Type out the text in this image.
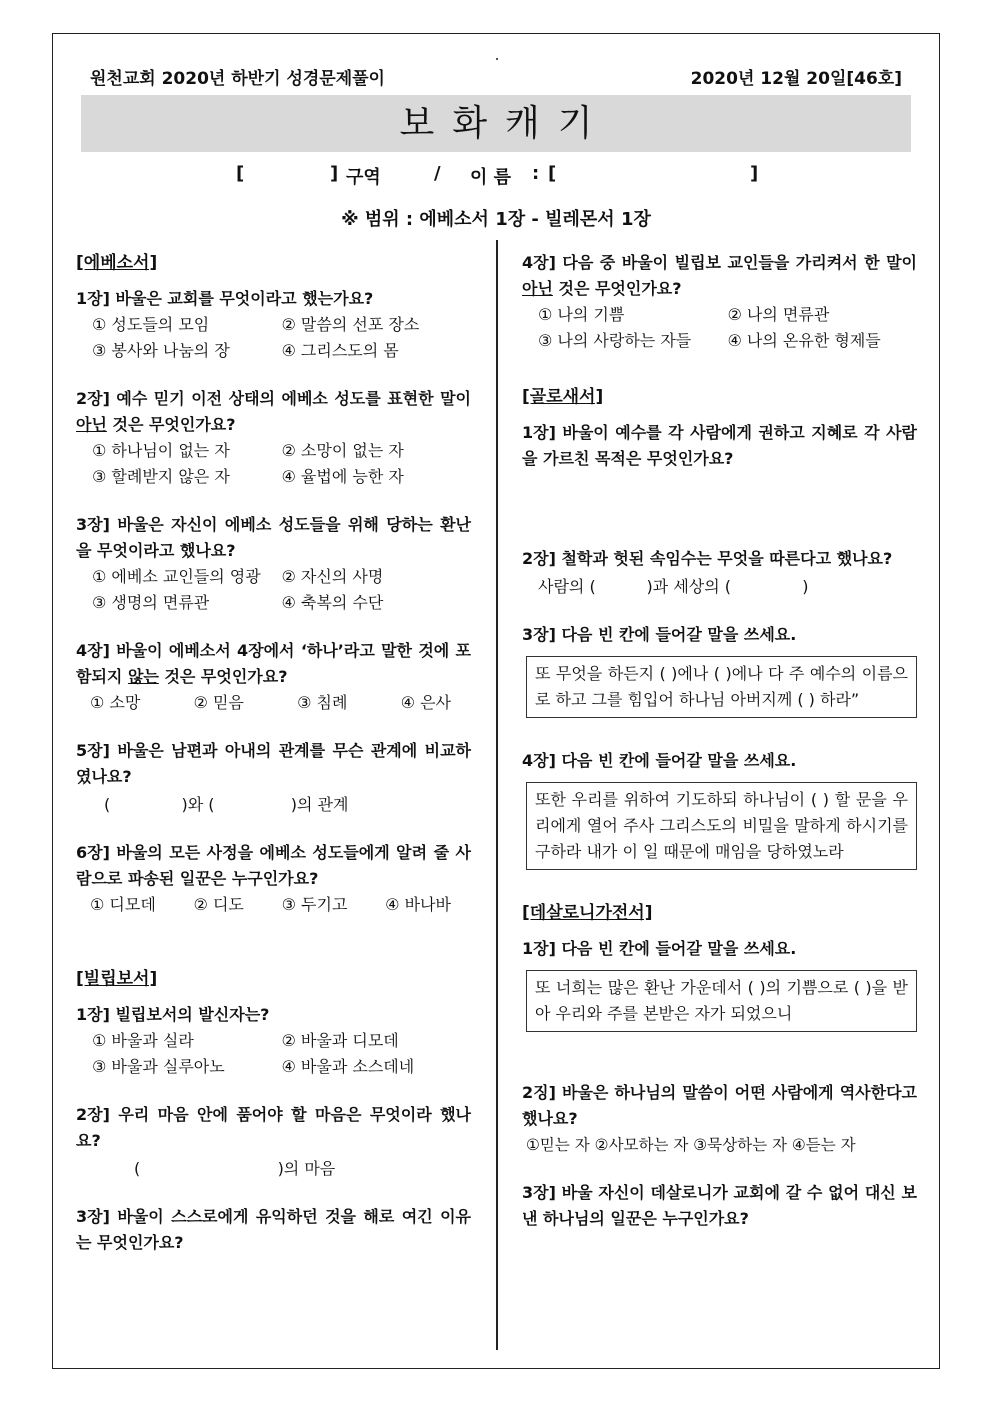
원천교회 2020년 하반기 성경문제풀이	2020년 12월 20일[46호]
보화캐기
[	] 구역	/ 이 름 : [	]
※ 범위 : 에베소서 1장 - 빌레몬서 1장
[에베소서]

1장] 바울은 교회를 무엇이라고 했는가요?

① 성도들의 모임	② 말씀의 선포 장소
③ 봉사와 나눔의 장	④ 그리스도의 몸

2장] 예수 믿기 이전 상태의 에베소 성도를 표현한 말이 아닌 것은 무엇인가요?

① 하나님이 없는 자	② 소망이 없는 자
③ 할례받지 않은 자	④ 율법에 능한 자

3장] 바울은 자신이 에베소 성도들을 위해 당하는 환난을 무엇이라고 했나요?

① 에베소 교인들의 영광	② 자신의 사명
③ 생명의 면류관	④ 축복의 수단

4장] 바울이 에베소서 4장에서 ‘하나’라고 말한 것에 포함되지 않는 것은 무엇인가요?

① 소망	② 믿음	③ 침례	④ 은사

5장] 바울은 남편과 아내의 관계를 무슨 관계에 비교하였나요?

(              )와 (               )의 관계

6장] 바울의 모든 사정을 에베소 성도들에게 알려 줄 사람으로 파송된 일꾼은 누구인가요?

① 디모데 ② 디도 ③ 두기고 ④ 바나바
[빌립보서]

1장] 빌립보서의 발신자는?

① 바울과 실라	② 바울과 디모데
③ 바울과 실루아노	④ 바울과 소스데네

2장] 우리 마음 안에 품어야 할 마음은 무엇이라 했나요?

(                           )의 마음

3장] 바울이 스스로에게 유익하던 것을 해로 여긴 이유는 무엇인가요?

4장] 다음 중 바울이 빌립보 교인들을 가리켜서 한 말이 아닌 것은 무엇인가요?

① 나의 기쁨	② 나의 면류관
③ 나의 사랑하는 자들	④ 나의 온유한 형제들
[골로새서]

1장] 바울이 예수를 각 사람에게 권하고 지혜로 각 사람을 가르친 목적은 무엇인가요?

2장] 철학과 헛된 속임수는 무엇을 따른다고 했나요?

사람의 (          )과 세상의 (              )

3장] 다음 빈 칸에 들어갈 말을 쓰세요.

또 무엇을 하든지 ( )에나 ( )에나 다 주 예수의 이름으로 하고 그를 힘입어 하나님 아버지께 ( ) 하라”

4장] 다음 빈 칸에 들어갈 말을 쓰세요.

또한 우리를 위하여 기도하되 하나님이 ( ) 할 문을 우리에게 열어 주사 그리스도의 비밀을 말하게 하시기를 구하라 내가 이 일 때문에 매임을 당하였노라
[데살로니가전서]

1장] 다음 빈 칸에 들어갈 말을 쓰세요.

또 너희는 많은 환난 가운데서 ( )의 기쁨으로 ( )을 받아 우리와 주를 본받은 자가 되었으니

2징] 바울은 하나님의 말씀이 어떤 사람에게 역사한다고 했나요?

①믿는 자 ②사모하는 자 ③묵상하는 자 ④듣는 자

3장] 바울 자신이 데살로니가 교회에 갈 수 없어 대신 보낸 하나님의 일꾼은 누구인가요?
